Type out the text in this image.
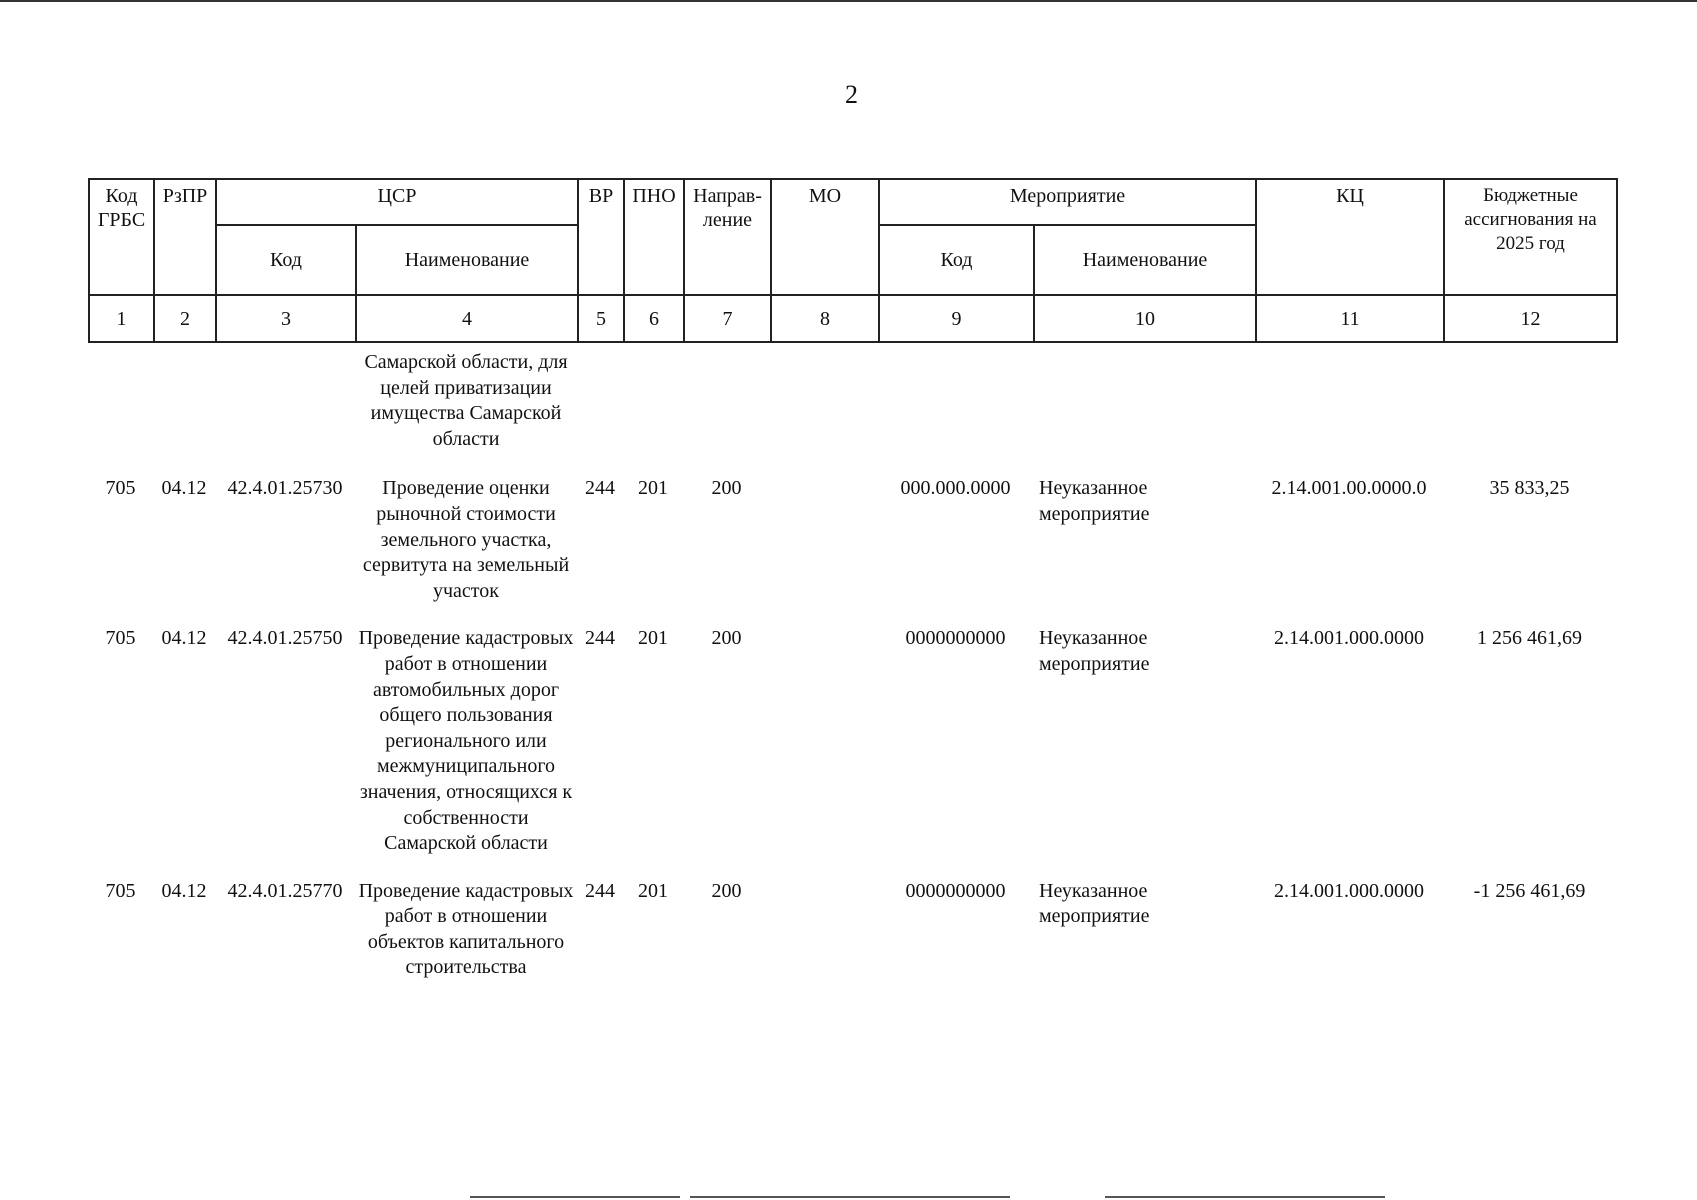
2
Код ГРБС	РзПР	ЦСР		ВР	ПНО	Направ-ление	МО	Мероприятие		КЦ	Бюджетные ассигнования на 2025 год
		Код	Наименование					Код	Наименование		
1	2	3	4	5	6	7	8	9	10	11	12
			Самарской области, для целей приватизации имущества Самарской области								
705	04.12	42.4.01.25730	Проведение оценки рыночной стоимости земельного участка, сервитута на земельный участок	244	201	200		000.000.0000	Неуказанное мероприятие	2.14.001.00.0000.0	35 833,25
705	04.12	42.4.01.25750	Проведение кадастровых работ в отношении автомобильных дорог общего пользования регионального или межмуниципального значения, относящихся к собственности Самарской области	244	201	200		0000000000	Неуказанное мероприятие	2.14.001.000.0000	1 256 461,69
705	04.12	42.4.01.25770	Проведение кадастровых работ в отношении объектов капитального строительства	244	201	200		0000000000	Неуказанное мероприятие	2.14.001.000.0000	-1 256 461,69
